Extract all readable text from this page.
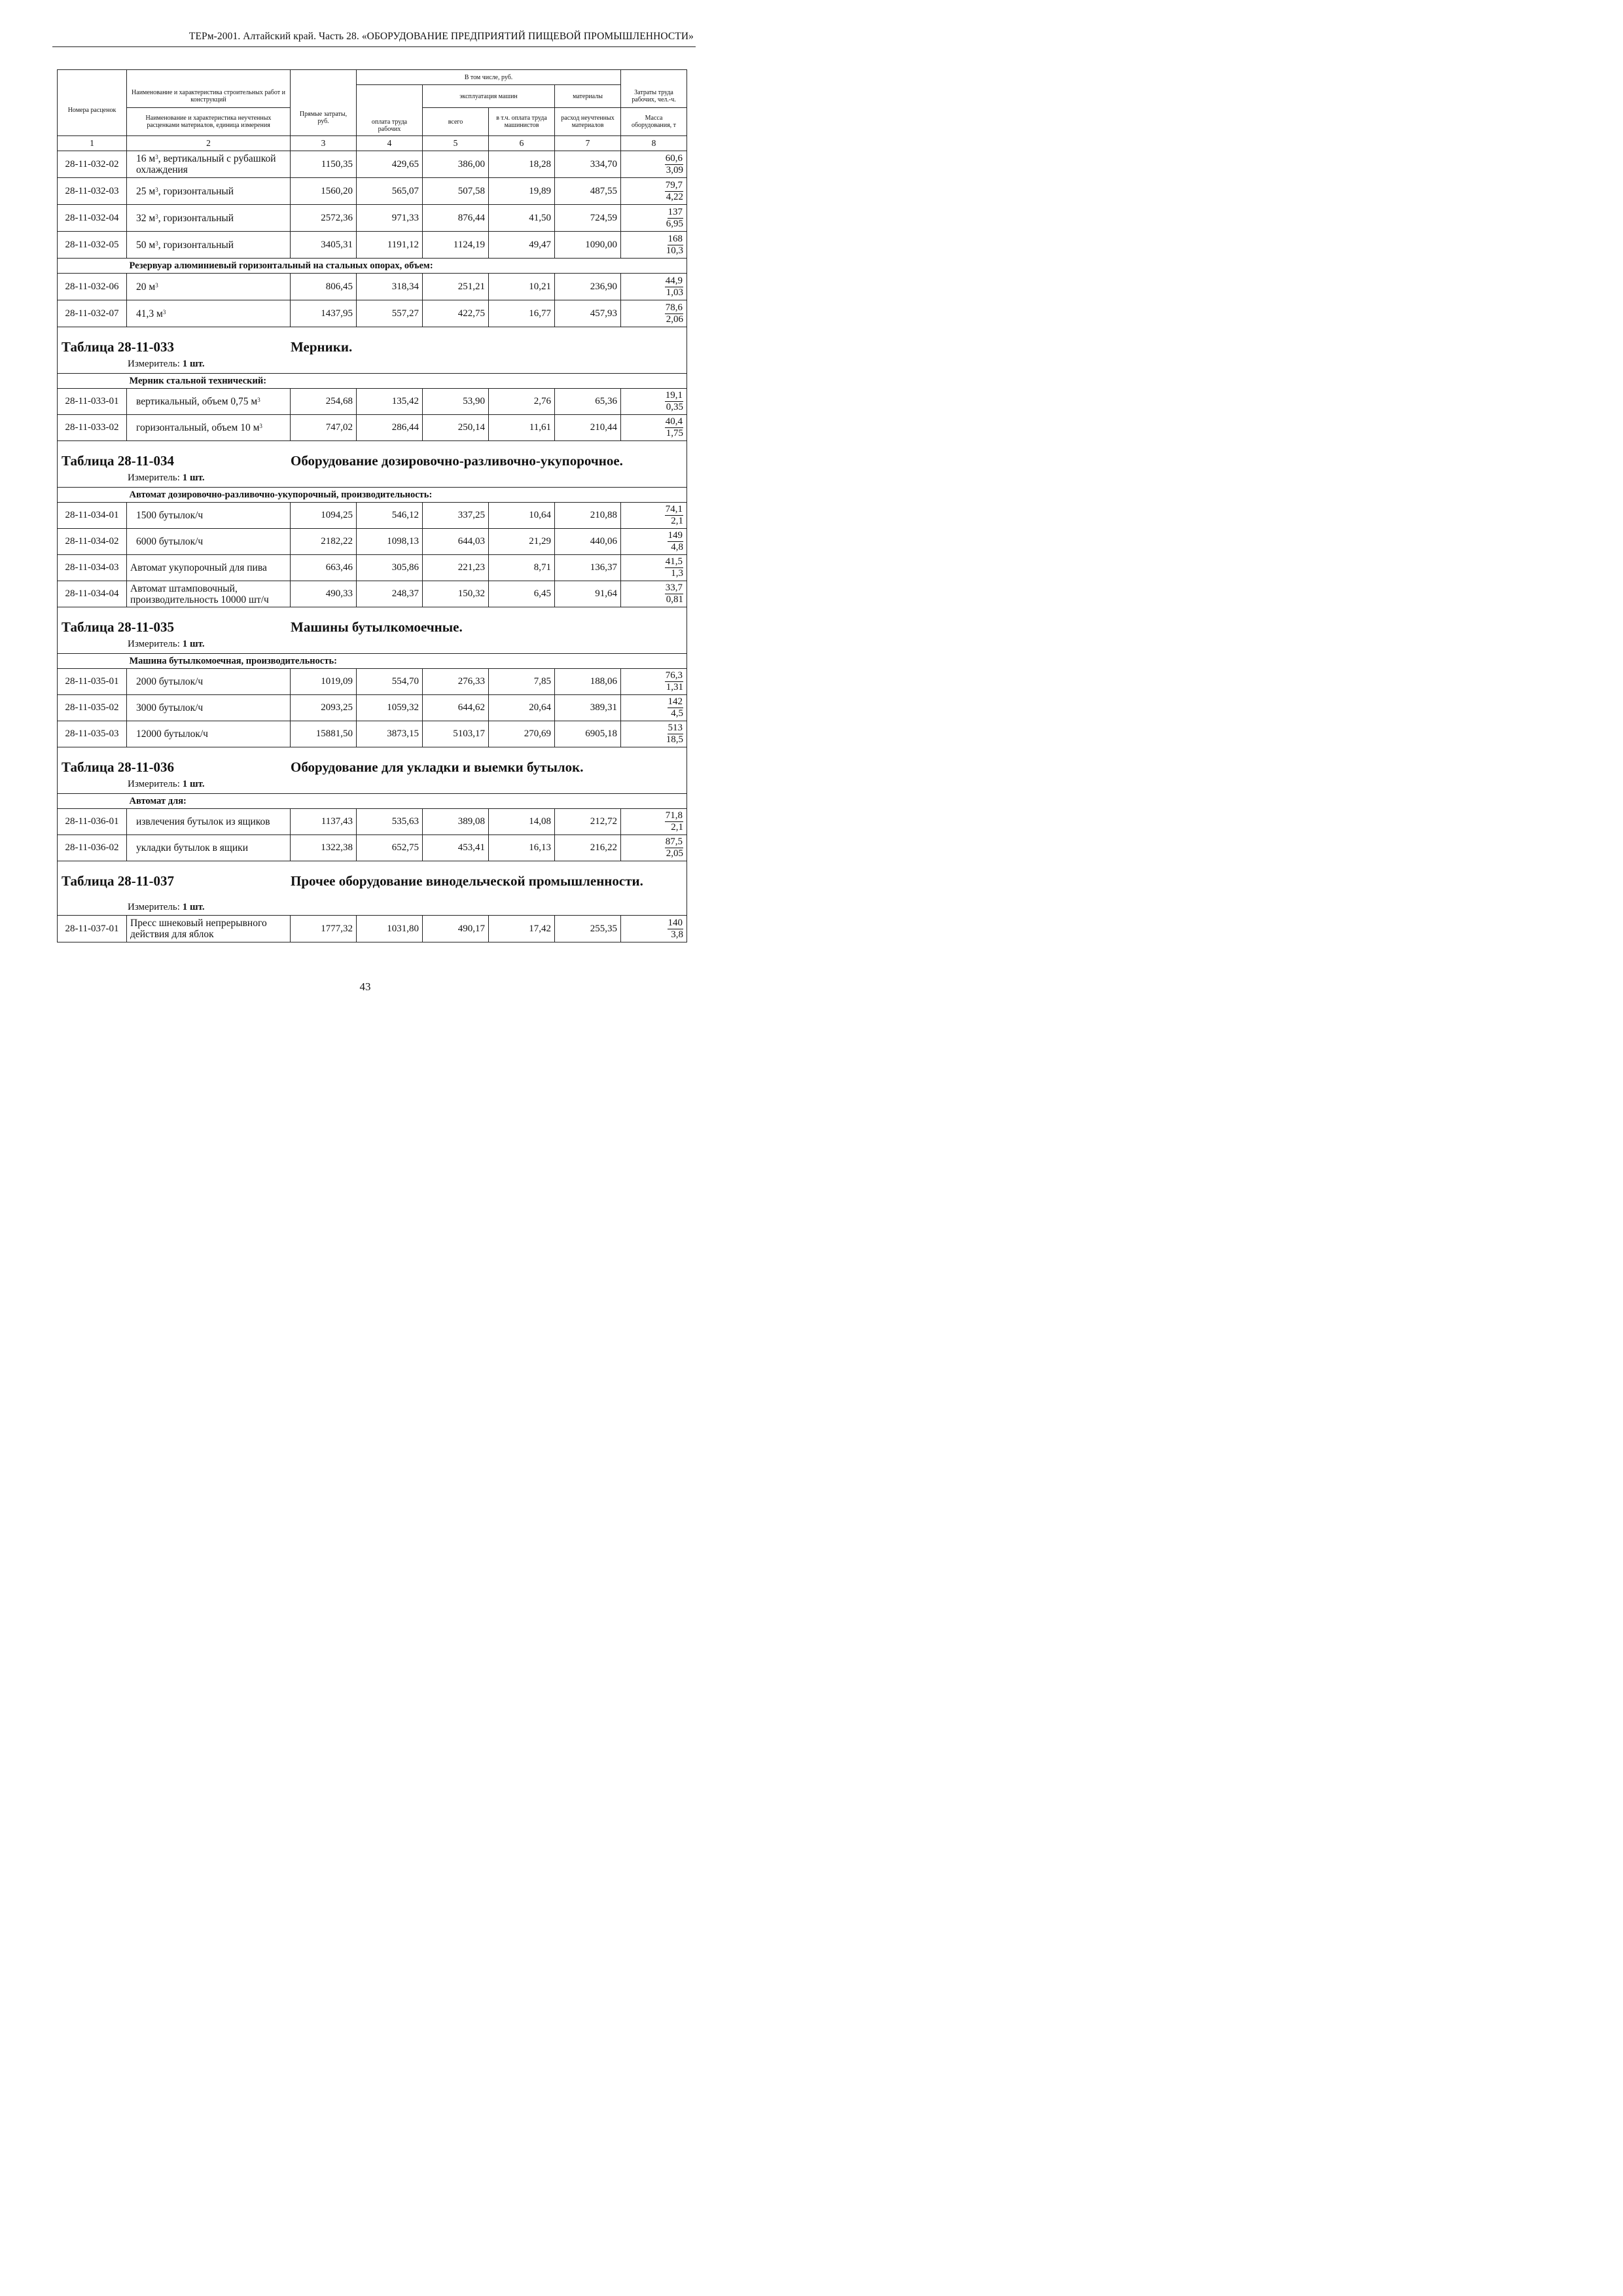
ТЕРм-2001. Алтайский край. Часть 28. «ОБОРУДОВАНИЕ ПРЕДПРИЯТИЙ ПИЩЕВОЙ ПРОМЫШЛЕННОСТИ»
Номера расценок	Наименование и характеристика строительных работ и конструкций	Прямые затраты, руб.	В том числе, руб.				Затраты труда рабочих, чел.-ч.
			оплата труда рабочих	эксплуатация машин		материалы	
	Наименование и характеристика неучтенных расценками материалов, единица измерения			всего	в т.ч. оплата труда машинистов	расход неучтенных материалов	Масса оборудования, т
1	2	3	4	5	6	7	8
28-11-032-02	16 $м^3$, вертикальный с рубашкой охлаждения	1150,35	429,65	386,00	18,28	334,70	60,6
3,09

28-11-032-03	25 $м^3$, горизонтальный	1560,20	565,07	507,58	19,89	487,55	79,7
4,22

28-11-032-04	32 $м^3$, горизонтальный	2572,36	971,33	876,44	41,50	724,59	137
6,95

28-11-032-05	50 $м^3$, горизонтальный	3405,31	1191,12	1124,19	49,47	1090,00	168
10,3

	Резервуар алюминиевый горизонтальный на стальных опорах, объем:						
28-11-032-06	20 $м^3$	806,45	318,34	251,21	10,21	236,90	44,9
1,03

28-11-032-07	41,3 $м^3$	1437,95	557,27	422,75	16,77	457,93	78,6
2,06

Таблица 28-11-033 Мерники.
Измеритель: 1 шт.							

	Мерник стальной технический:						
28-11-033-01	вертикальный, объем 0,75 $м^3$	254,68	135,42	53,90	2,76	65,36	19,1
0,35

28-11-033-02	горизонтальный, объем 10 $м^3$	747,02	286,44	250,14	11,61	210,44	40,4
1,75

Таблица 28-11-034 Оборудование дозировочно-разливочно-укупорочное.
Измеритель: 1 шт.							

	Автомат дозировочно-разливочно-укупорочный, производительность:						
28-11-034-01	1500 бутылок/ч	1094,25	546,12	337,25	10,64	210,88	74,1
2,1

28-11-034-02	6000 бутылок/ч	2182,22	1098,13	644,03	21,29	440,06	149
4,8

28-11-034-03	Автомат укупорочный для пива	663,46	305,86	221,23	8,71	136,37	41,5
1,3

28-11-034-04	Автомат штамповочный, производительность 10000 шт/ч	490,33	248,37	150,32	6,45	91,64	33,7
0,81

Таблица 28-11-035 Машины бутылкомоечные.
Измеритель: 1 шт.							

	Машина бутылкомоечная, производительность:						
28-11-035-01	2000 бутылок/ч	1019,09	554,70	276,33	7,85	188,06	76,3
1,31

28-11-035-02	3000 бутылок/ч	2093,25	1059,32	644,62	20,64	389,31	142
4,5

28-11-035-03	12000 бутылок/ч	15881,50	3873,15	5103,17	270,69	6905,18	513
18,5

Таблица 28-11-036 Оборудование для укладки и выемки бутылок.
Измеритель: 1 шт.							

	Автомат для:						
28-11-036-01	извлечения бутылок из ящиков	1137,43	535,63	389,08	14,08	212,72	71,8
2,1

28-11-036-02	укладки бутылок в ящики	1322,38	652,75	453,41	16,13	216,22	87,5
2,05

Таблица 28-11-037 Прочее оборудование винодельческой промышленности.
Измеритель: 1 шт.							

28-11-037-01	Пресс шнековый непрерывного действия для яблок	1777,32	1031,80	490,17	17,42	255,35	140
3,8
43
